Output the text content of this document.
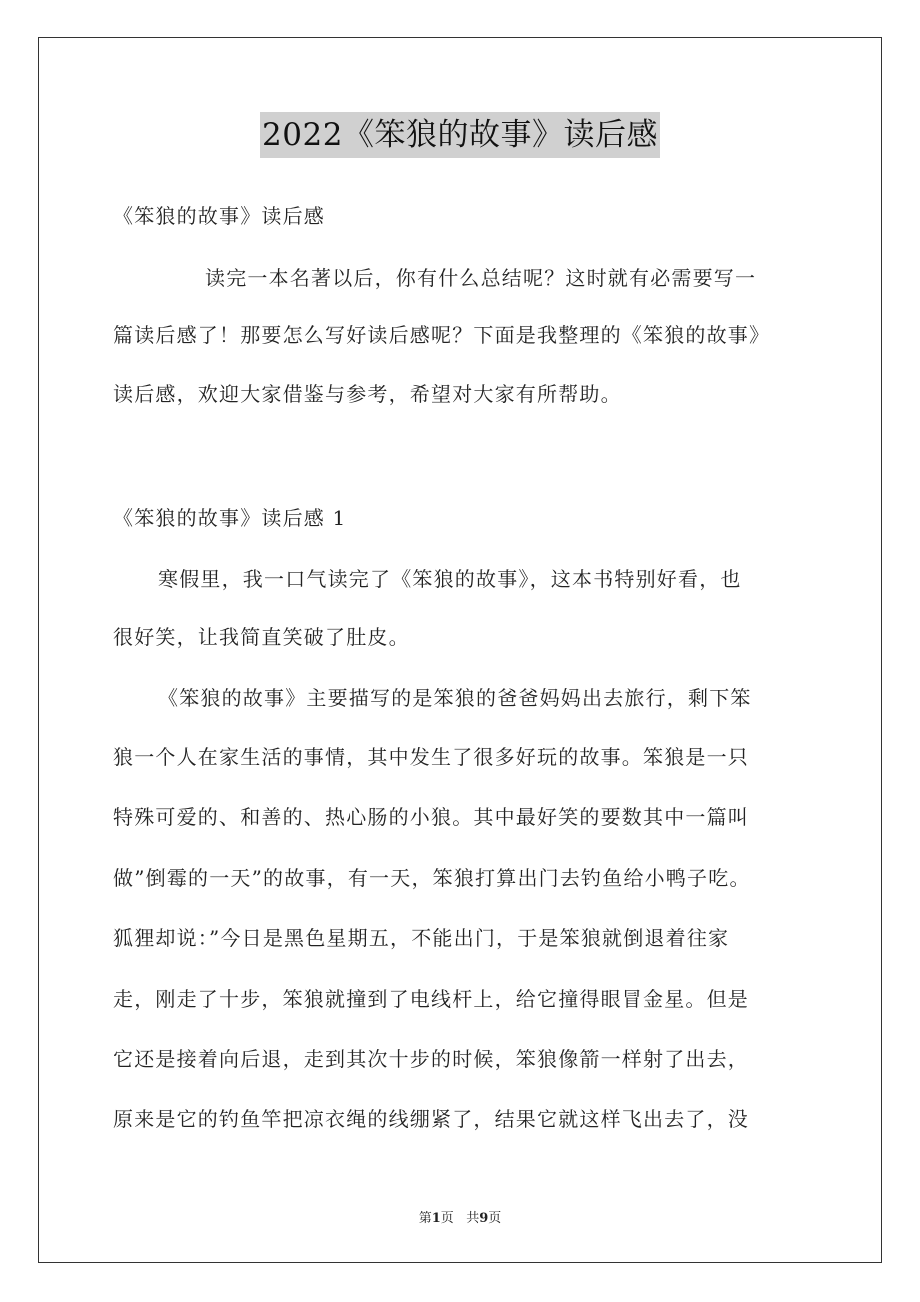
2022《笨狼的故事》读后感
《笨狼的故事》读后感
读完一本名著以后，你有什么总结呢？这时就有必需要写一
篇读后感了！那要怎么写好读后感呢？下面是我整理的《笨狼的故事》
读后感，欢迎大家借鉴与参考，希望对大家有所帮助。
《笨狼的故事》读后感 1
寒假里，我一口气读完了《笨狼的故事》，这本书特别好看，也
很好笑，让我简直笑破了肚皮。
《笨狼的故事》主要描写的是笨狼的爸爸妈妈出去旅行，剩下笨
狼一个人在家生活的事情，其中发生了很多好玩的故事。笨狼是一只
特殊可爱的、和善的、热心肠的小狼。其中最好笑的要数其中一篇叫
做”倒霉的一天”的故事，有一天，笨狼打算出门去钓鱼给小鸭子吃。
狐狸却说：”今日是黑色星期五，不能出门，于是笨狼就倒退着往家
走，刚走了十步，笨狼就撞到了电线杆上，给它撞得眼冒金星。但是
它还是接着向后退，走到其次十步的时候，笨狼像箭一样射了出去，
原来是它的钓鱼竿把凉衣绳的线绷紧了，结果它就这样飞出去了，没
第1页 共9页
